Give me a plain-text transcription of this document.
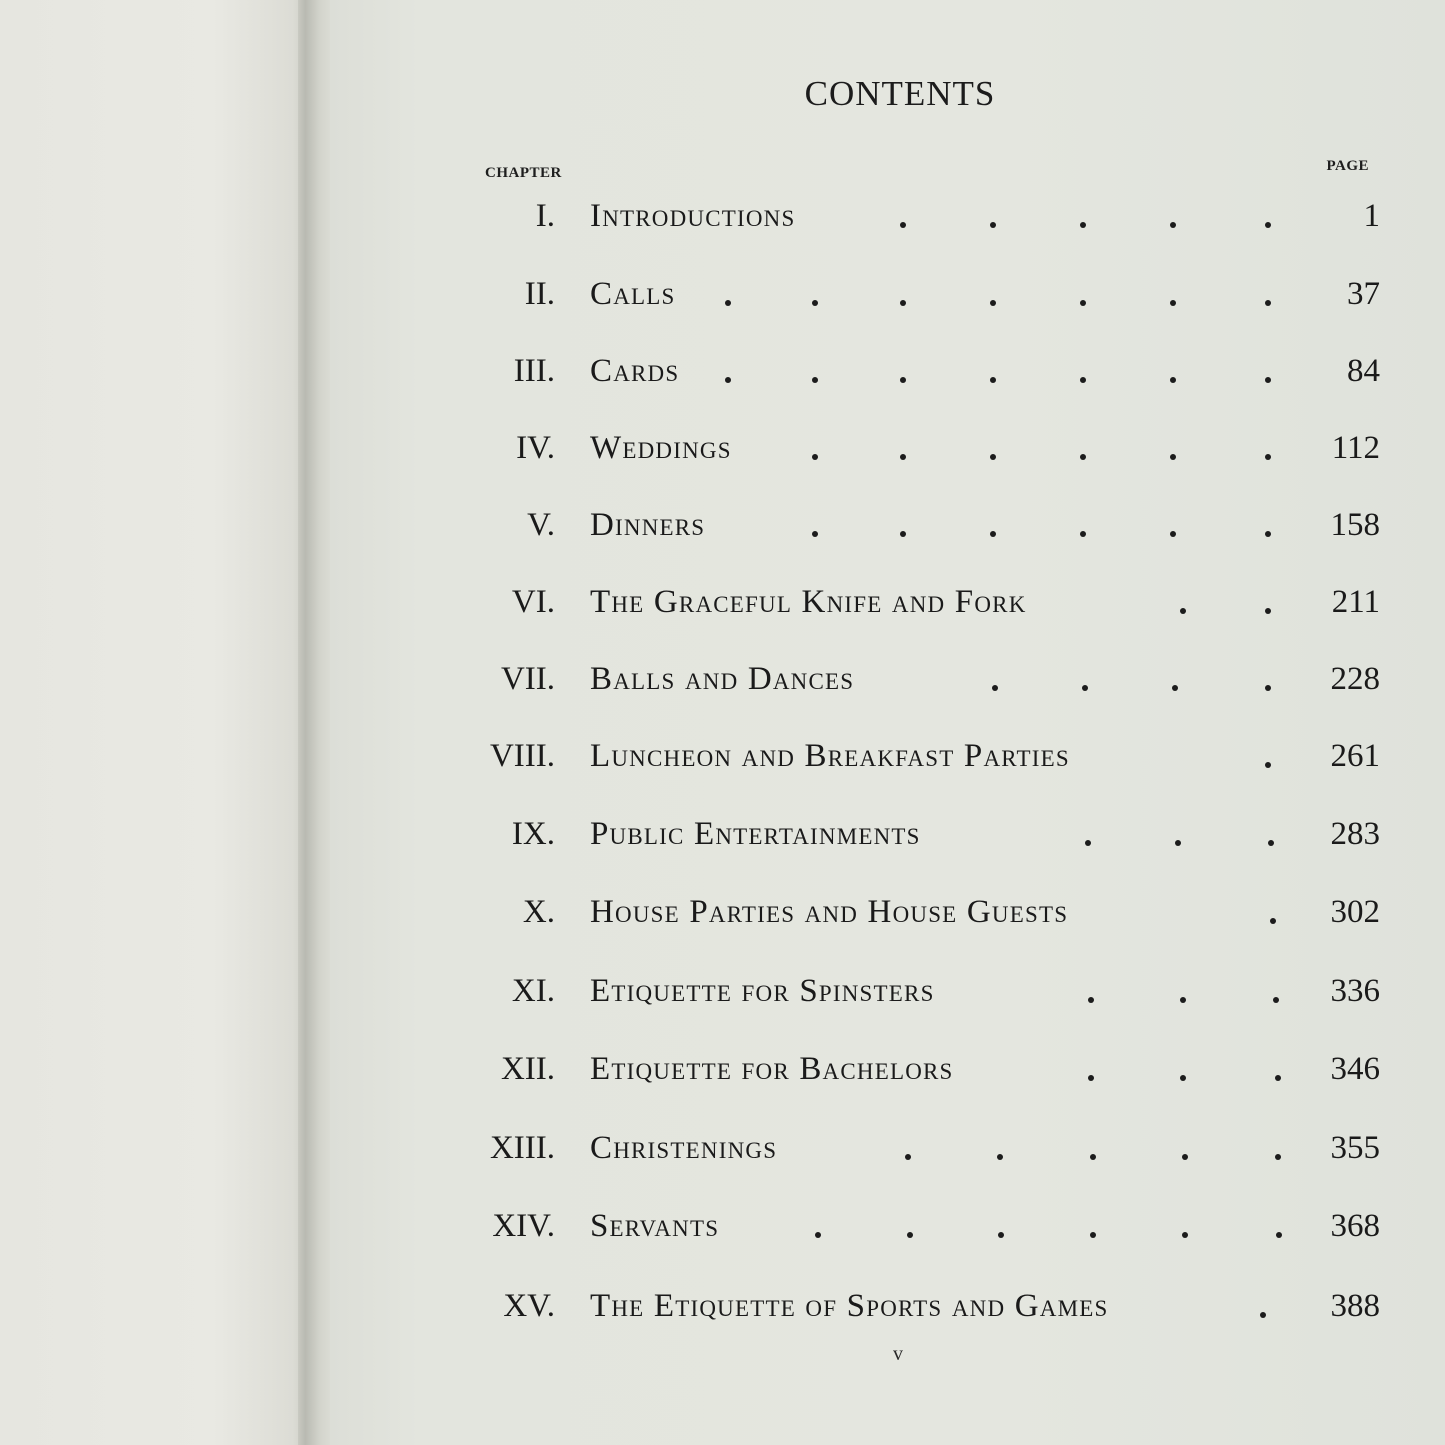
CONTENTS
CHAPTER	PAGE
I. Introductions	1
II. Calls	37
III. Cards	84
IV. Weddings	112
V. Dinners	158
VI. The Graceful Knife and Fork	211
VII. Balls and Dances	228
VIII. Luncheon and Breakfast Parties	261
IX. Public Entertainments	283
X. House Parties and House Guests	302
XI. Etiquette for Spinsters	336
XII. Etiquette for Bachelors	346
XIII. Christenings	355
XIV. Servants	368
XV. The Etiquette of Sports and Games	388
v
